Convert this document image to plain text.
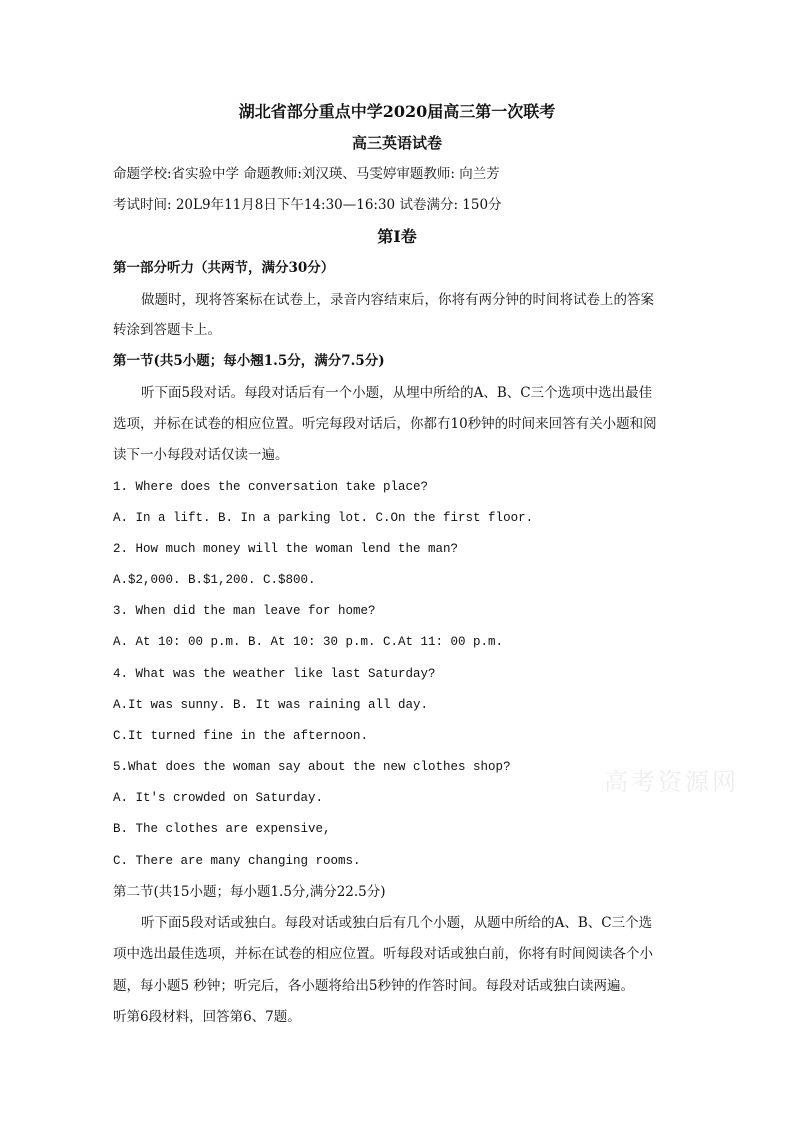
湖北省部分重点中学2020届高三第一次联考
高三英语试卷
命题学校:省实验中学 命题教师:刘汉瑛、马雯婷审题教师: 向兰芳
考试时间: 20L9年11月8日下午14:30—16:30 试卷满分: 150分
第I卷
第一部分听力（共两节，满分30分）
做题时，现将答案标在试卷上，录音内容结束后，你将有两分钟的时间将试卷上的答案
转涂到答题卡上。
第一节(共5小题；每小翘1.5分，满分7.5分)
听下面5段对话。每段对话后有一个小题，从埋中所给的A、B、C三个选项中选出最佳
选项，并标在试卷的相应位置。听完每段对话后，你都冇10秒钟的时间来回答有关小题和阅
读下一小每段对话仅读一遍。
1. Where does the conversation take place?
A. In a lift. B. In a parking lot. C.On the first floor.
2. How much money will the woman lend the man?
A.$2,000. B.$1,200. C.$800.
3. When did the man leave for home?
A. At 10: 00 p.m. B. At 10: 30 p.m. C.At 11: 00 p.m.
4. What was the weather like last Saturday?
A.It was sunny. B. It was raining all day.
C.It turned fine in the afternoon.
5.What does the woman say about the new clothes shop?
A. It's crowded on Saturday.
B. The clothes are expensive,
C. There are many changing rooms.
第二节(共15小题；每小题1.5分,满分22.5分)
听下面5段对话或独白。每段对话或独白后有几个小题，从题中所给的A、B、C三个选
项中选出最佳选项，并标在试卷的相应位置。听每段对话或独白前，你将有时间阅读各个小
题，每小题5 秒钟；听完后，各小题将给出5秒钟的作答时间。每段对话或独白读两遍。
听第6段材料，回答第6、7题。
高考资源网
